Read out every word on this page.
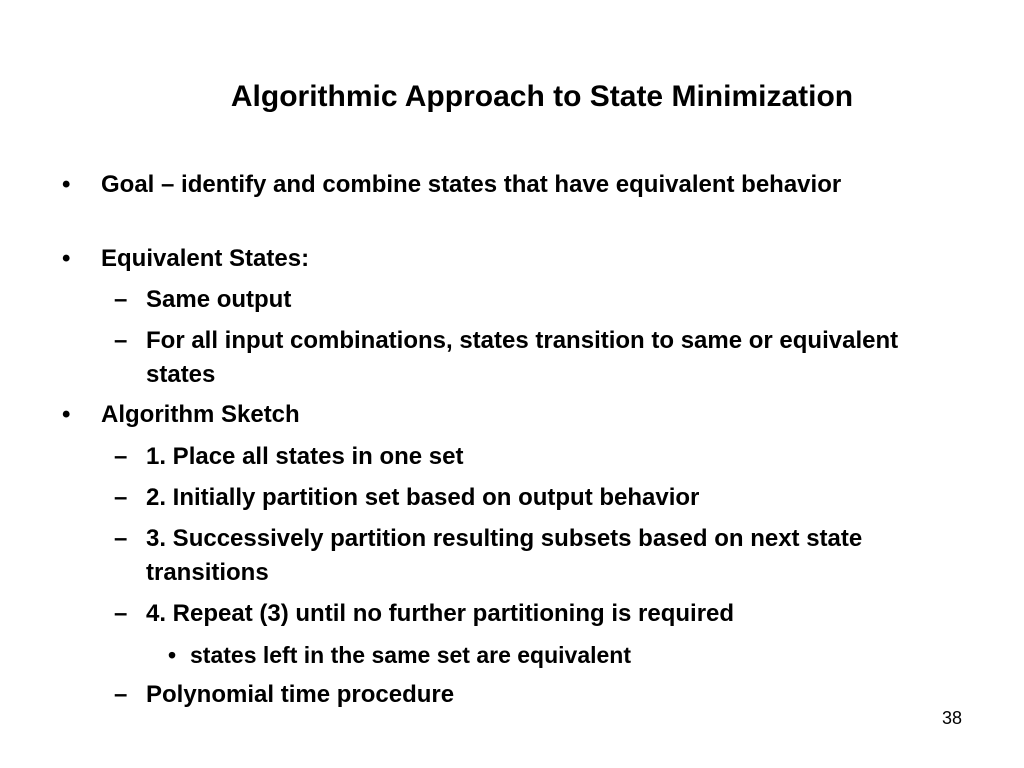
Algorithmic Approach to State Minimization
• Goal – identify and combine states that have equivalent behavior

• Equivalent States:

– Same output

– For all input combinations, states transition to same or equivalent states

• Algorithm Sketch

– 1. Place all states in one set

– 2. Initially partition set based on output behavior

– 3. Successively partition resulting subsets based on next state transitions

– 4. Repeat (3) until no further partitioning is required

• states left in the same set are equivalent

– Polynomial time procedure

38
